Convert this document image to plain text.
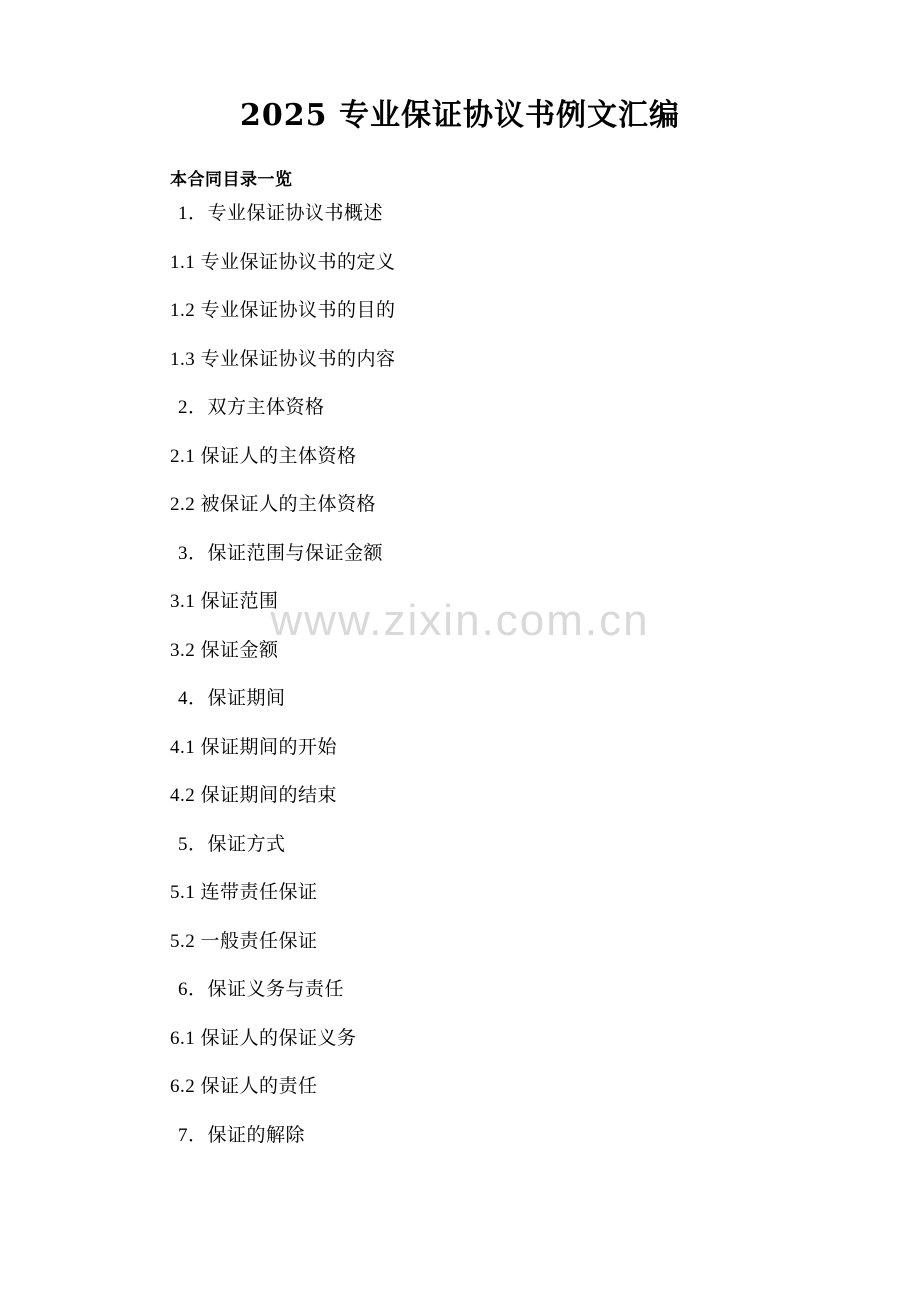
www.zixin.com.cn
2025 专业保证协议书例文汇编
本合同目录一览
1．专业保证协议书概述
1.1 专业保证协议书的定义
1.2 专业保证协议书的目的
1.3 专业保证协议书的内容
2．双方主体资格
2.1 保证人的主体资格
2.2 被保证人的主体资格
3．保证范围与保证金额
3.1 保证范围
3.2 保证金额
4．保证期间
4.1 保证期间的开始
4.2 保证期间的结束
5．保证方式
5.1 连带责任保证
5.2 一般责任保证
6．保证义务与责任
6.1 保证人的保证义务
6.2 保证人的责任
7．保证的解除
